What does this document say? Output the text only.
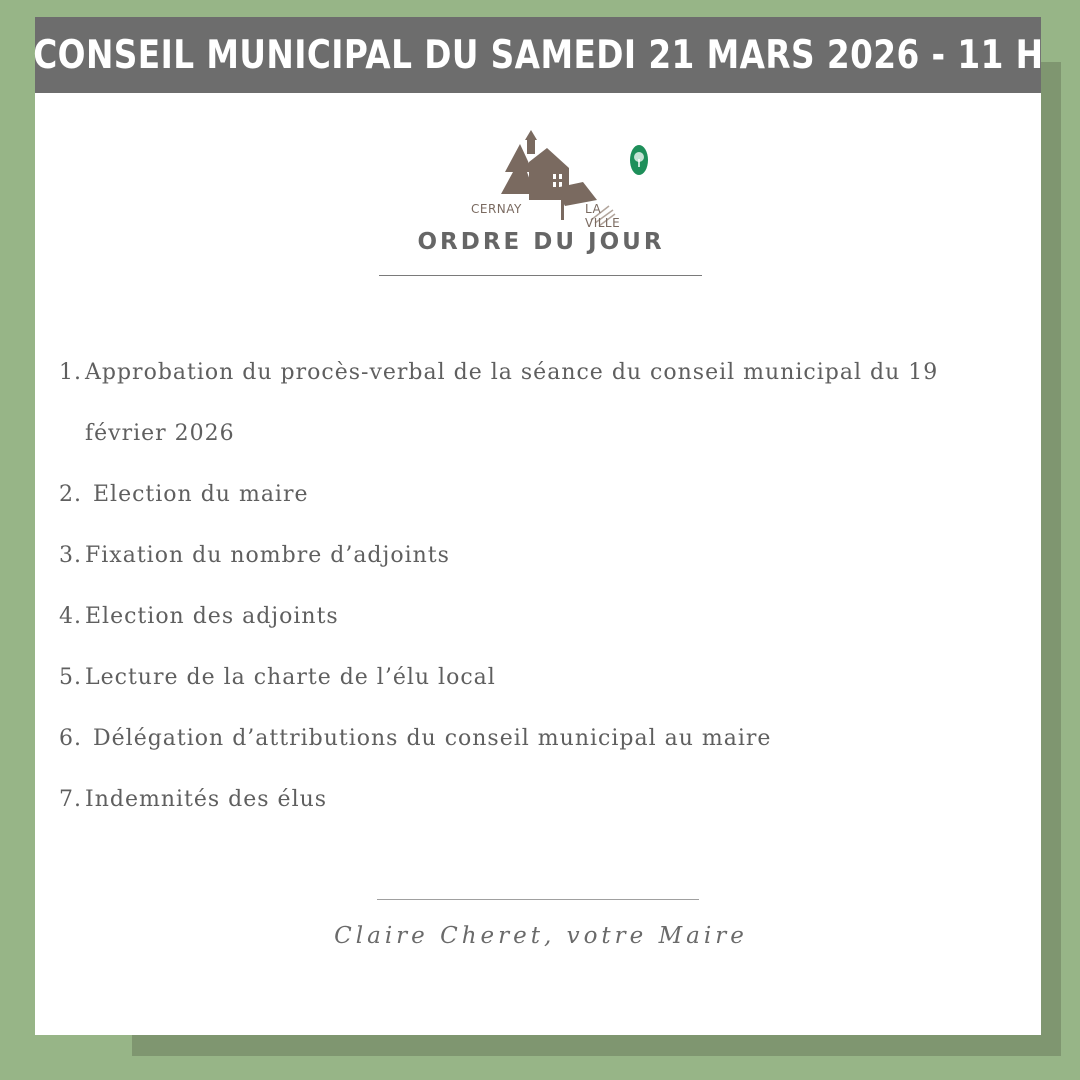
CONSEIL MUNICIPAL DU SAMEDI 21 MARS 2026 - 11 H
CERNAY	LA VILLE
ORDRE DU JOUR
1. Approbation du procès-verbal de la séance du conseil municipal du 19 février 2026
2. Election du maire
3. Fixation du nombre d’adjoints
4. Election des adjoints
5. Lecture de la charte de l’élu local
6. Délégation d’attributions du conseil municipal au maire
7. Indemnités des élus
Claire Cheret, votre Maire
